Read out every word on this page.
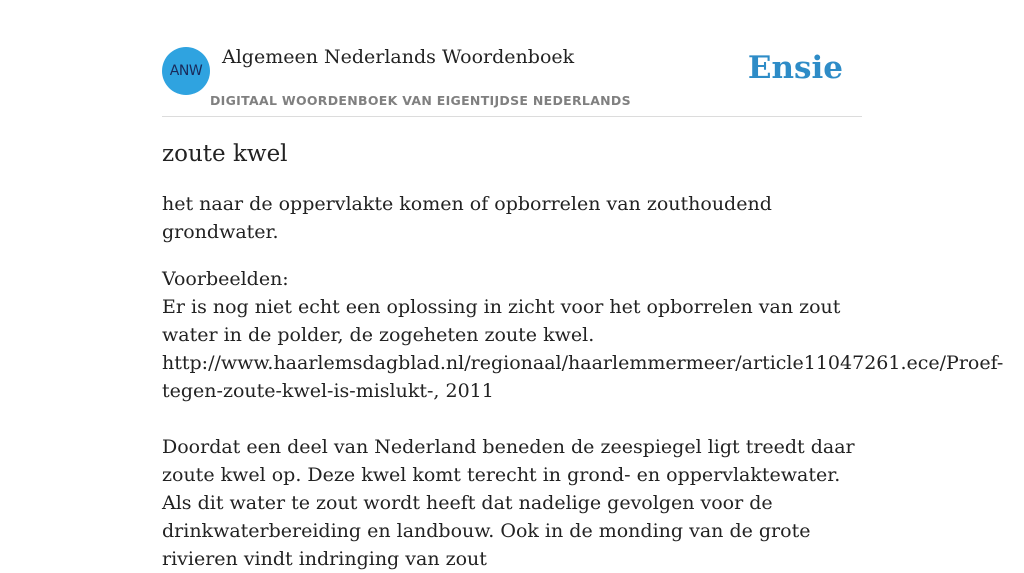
ANW
Algemeen Nederlands Woordenboek
DIGITAAL WOORDENBOEK VAN EIGENTIJDSE NEDERLANDS
Ensie
zoute kwel

het naar de oppervlakte komen of opborrelen van zouthoudend grondwater.

Voorbeelden:
Er is nog niet echt een oplossing in zicht voor het opborrelen van zout water in de polder, de zogeheten zoute kwel.
http://www.haarlemsdagblad.nl/regionaal/haarlemmermeer/article11047261.ece/Proef-
tegen-zoute-kwel-is-mislukt-, 2011
Doordat een deel van Nederland beneden de zeespiegel ligt treedt daar zoute kwel op. Deze kwel komt terecht in grond- en oppervlaktewater. Als dit water te zout wordt heeft dat nadelige gevolgen voor de drinkwaterbereiding en landbouw. Ook in de monding van de grote rivieren vindt indringing van zout
